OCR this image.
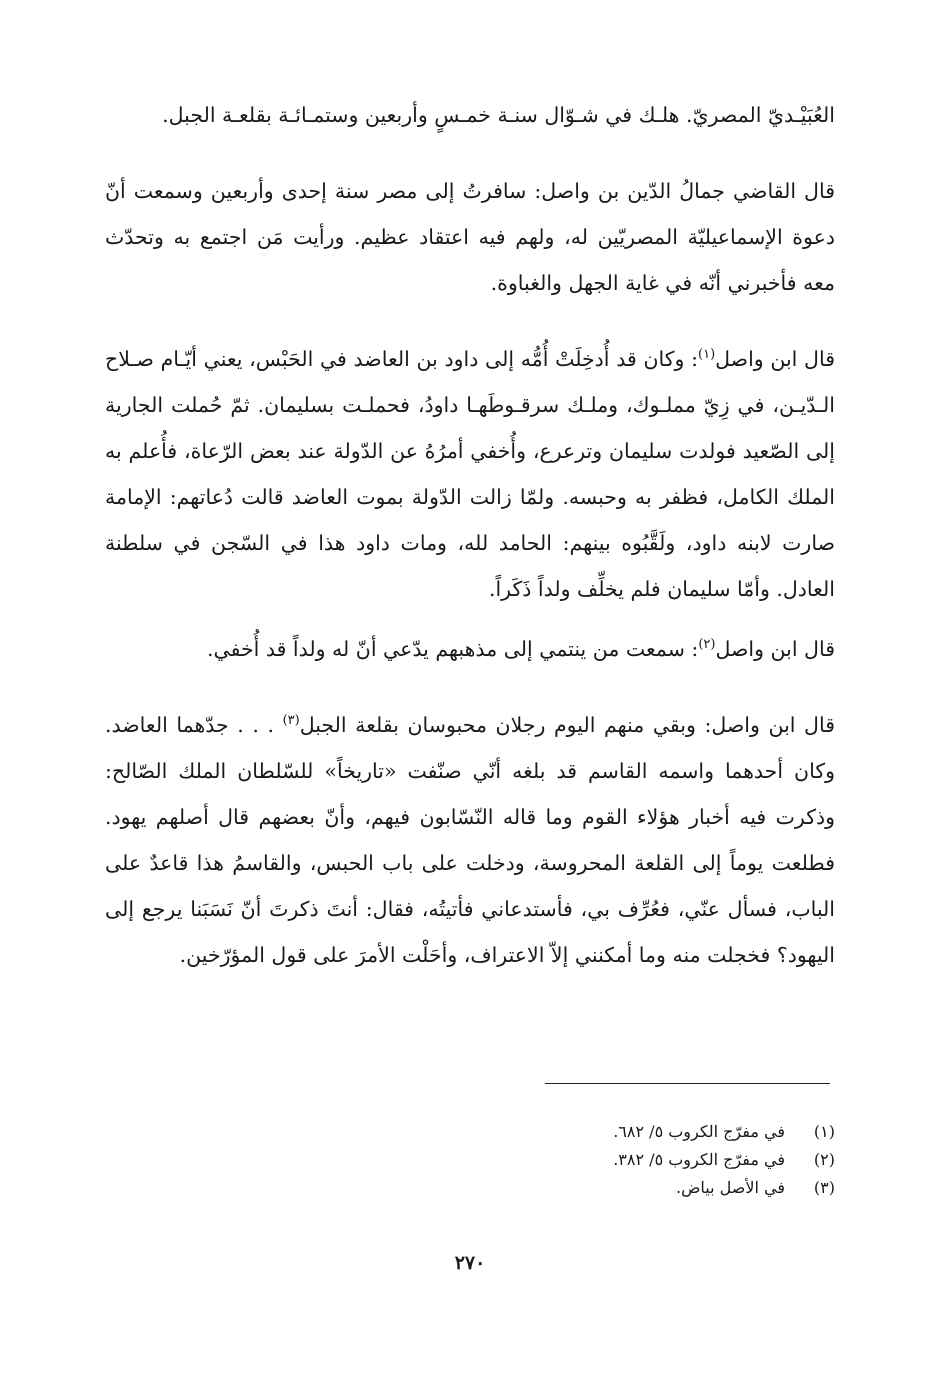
العُبَيْـديّ المصريّ. هلـك في شـوّال سنـة خمـسٍ وأربعين وستمـائـة بقلعـة الجبل.

قال القاضي جمالُ الدّين بن واصل: سافرتُ إلى مصر سنة إحدى وأربعين وسمعت أنّ دعوة الإسماعيليّة المصريّين له، ولهم فيه اعتقاد عظيم. ورأيت مَن اجتمع به وتحدّث معه فأخبرني أنّه في غاية الجهل والغباوة.

قال ابن واصل$^{(١)}$: وكان قد أُدخِلَتْ أُمُّه إلى داود بن العاضد في الحَبْس، يعني أيّـام صـلاح الـدّيـن، في زِيّ مملـوك، وملـك سرقـوطَهـا داودُ، فحملـت بسليمان. ثمّ حُملت الجارية إلى الصّعيد فولدت سليمان وترعرع، وأُخفي أمرُهُ عن الدّولة عند بعض الرّعاة، فأُعلم به الملك الكامل، فظفر به وحبسه. ولمّا زالت الدّولة بموت العاضد قالت دُعاتهم: الإمامة صارت لابنه داود، ولَقَّبُوه بينهم: الحامد لله، ومات داود هذا في السّجن في سلطنة العادل. وأمّا سليمان فلم يخلِّف ولداً ذَكَراً.

قال ابن واصل$^{(٢)}$: سمعت من ينتمي إلى مذهبهم يدّعي أنّ له ولداً قد أُخفي.

قال ابن واصل: وبقي منهم اليوم رجلان محبوسان بقلعة الجبل$^{(٣)}$ . . . جدّهما العاضد. وكان أحدهما واسمه القاسم قد بلغه أنّي صنّفت «تاريخاً» للسّلطان الملك الصّالح: وذكرت فيه أخبار هؤلاء القوم وما قاله النّسّابون فيهم، وأنّ بعضهم قال أصلهم يهود. فطلعت يوماً إلى القلعة المحروسة، ودخلت على باب الحبس، والقاسمُ هذا قاعدٌ على الباب، فسأل عنّي، فعُرِّف بي، فأستدعاني فأتيتُه، فقال: أنتَ ذكرتَ أنّ نَسَبَنا يرجع إلى اليهود؟ فخجلت منه وما أمكنني إلاّ الاعتراف، وأحَلْت الأمرَ على قول المؤرّخين.

(١)
في مفرّج الكروب ٥/ ٦٨٢.
(٢)
في مفرّج الكروب ٥/ ٣٨٢.
(٣)
في الأصل بياض.
٢٧٠
